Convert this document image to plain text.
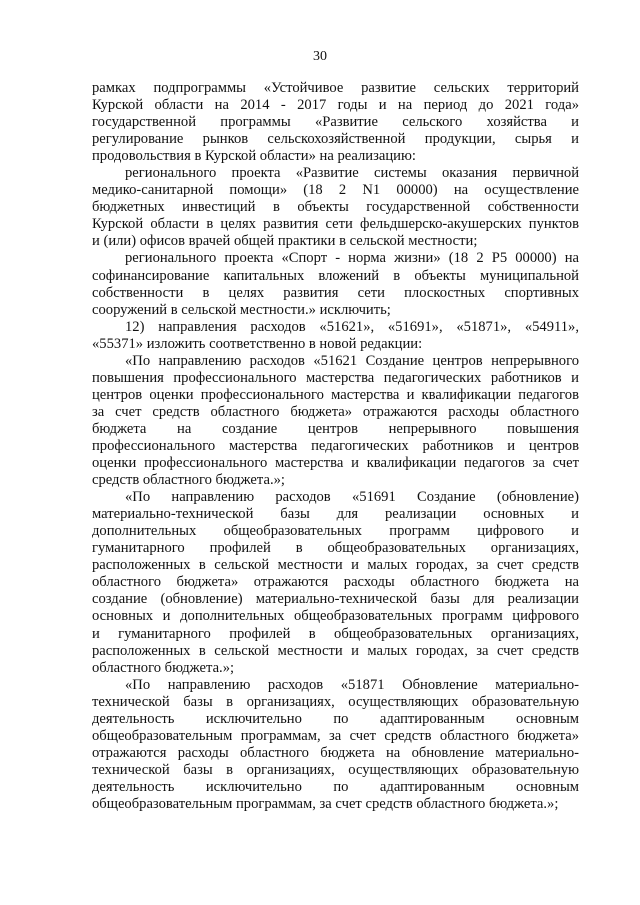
30
рамках подпрограммы «Устойчивое развитие сельских территорий
Курской области на 2014 - 2017 годы и на период до 2021 года»
государственной программы «Развитие сельского хозяйства и
регулирование рынков сельскохозяйственной продукции, сырья и
продовольствия в Курской области» на реализацию:
регионального проекта «Развитие системы оказания первичной
медико-санитарной помощи» (18 2 N1 00000) на осуществление
бюджетных инвестиций в объекты государственной собственности
Курской области в целях развития сети фельдшерско-акушерских пунктов
и (или) офисов врачей общей практики в сельской местности;
регионального проекта «Спорт - норма жизни» (18 2 P5 00000) на
софинансирование капитальных вложений в объекты муниципальной
собственности в целях развития сети плоскостных спортивных
сооружений в сельской местности.» исключить;
12) направления расходов «51621», «51691», «51871», «54911»,
«55371» изложить соответственно в новой редакции:
«По направлению расходов «51621 Создание центров непрерывного
повышения профессионального мастерства педагогических работников и
центров оценки профессионального мастерства и квалификации педагогов
за счет средств областного бюджета» отражаются расходы областного
бюджета на создание центров непрерывного повышения
профессионального мастерства педагогических работников и центров
оценки профессионального мастерства и квалификации педагогов за счет
средств областного бюджета.»;
«По направлению расходов «51691 Создание (обновление)
материально-технической базы для реализации основных и
дополнительных общеобразовательных программ цифрового и
гуманитарного профилей в общеобразовательных организациях,
расположенных в сельской местности и малых городах, за счет средств
областного бюджета» отражаются расходы областного бюджета на
создание (обновление) материально-технической базы для реализации
основных и дополнительных общеобразовательных программ цифрового
и гуманитарного профилей в общеобразовательных организациях,
расположенных в сельской местности и малых городах, за счет средств
областного бюджета.»;
«По направлению расходов «51871 Обновление материально-
технической базы в организациях, осуществляющих образовательную
деятельность исключительно по адаптированным основным
общеобразовательным программам, за счет средств областного бюджета»
отражаются расходы областного бюджета на обновление материально-
технической базы в организациях, осуществляющих образовательную
деятельность исключительно по адаптированным основным
общеобразовательным программам, за счет средств областного бюджета.»;
